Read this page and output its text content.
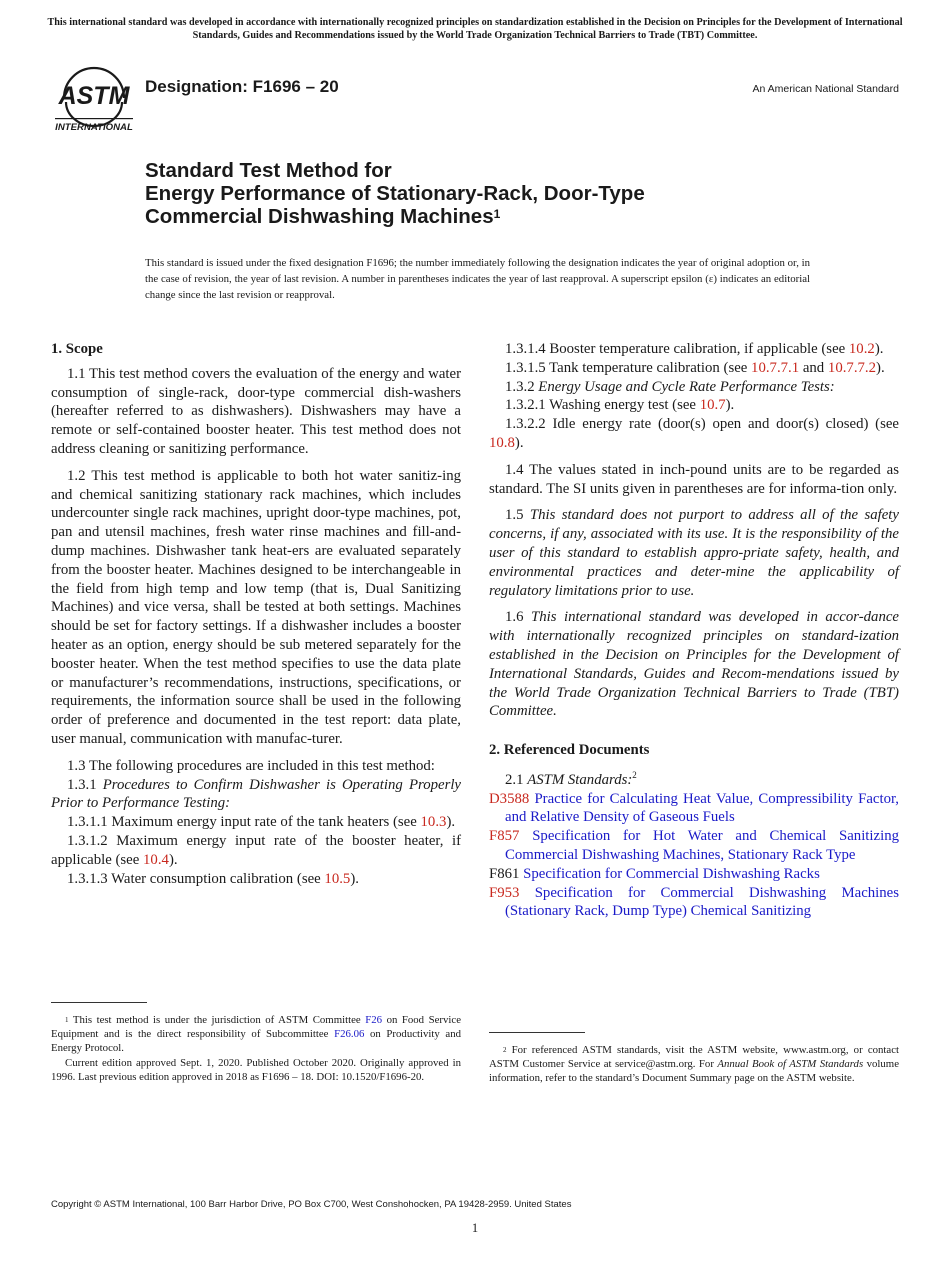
This international standard was developed in accordance with internationally recognized principles on standardization established in the Decision on Principles for the Development of International Standards, Guides and Recommendations issued by the World Trade Organization Technical Barriers to Trade (TBT) Committee.
ASTM
INTERNATIONAL
Designation: F1696 – 20	An American National Standard
Standard Test Method for
Energy Performance of Stationary-Rack, Door-Type
Commercial Dishwashing Machines$^1$
This standard is issued under the fixed designation F1696; the number immediately following the designation indicates the year of original adoption or, in the case of revision, the year of last revision. A number in parentheses indicates the year of last reapproval. A superscript epsilon (ε) indicates an editorial change since the last revision or reapproval.
1. Scope

1.1 This test method covers the evaluation of the energy and water consumption of single-rack, door-type commercial dish-washers (hereafter referred to as dishwashers). Dishwashers may have a remote or self-contained booster heater. This test method does not address cleaning or sanitizing performance.

1.2 This test method is applicable to both hot water sanitiz-ing and chemical sanitizing stationary rack machines, which includes undercounter single rack machines, upright door-type machines, pot, pan and utensil machines, fresh water rinse machines and fill-and-dump machines. Dishwasher tank heat-ers are evaluated separately from the booster heater. Machines designed to be interchangeable in the field from high temp and low temp (that is, Dual Sanitizing Machines) and vice versa, shall be tested at both settings. Machines should be set for factory settings. If a dishwasher includes a booster heater as an option, energy should be sub metered separately for the booster heater. When the test method specifies to use the data plate or manufacturer’s recommendations, instructions, specifications, or requirements, the information source shall be used in the following order of preference and documented in the test report: data plate, user manual, communication with manufac-turer.

1.3 The following procedures are included in this test method:

1.3.1 Procedures to Confirm Dishwasher is Operating Properly Prior to Performance Testing:

1.3.1.1 Maximum energy input rate of the tank heaters (see 10.3).

1.3.1.2 Maximum energy input rate of the booster heater, if applicable (see 10.4).

1.3.1.3 Water consumption calibration (see 10.5).

1.3.1.4 Booster temperature calibration, if applicable (see 10.2).

1.3.1.5 Tank temperature calibration (see 10.7.7.1 and 10.7.7.2).

1.3.2 Energy Usage and Cycle Rate Performance Tests:

1.3.2.1 Washing energy test (see 10.7).

1.3.2.2 Idle energy rate (door(s) open and door(s) closed) (see 10.8).

1.4 The values stated in inch-pound units are to be regarded as standard. The SI units given in parentheses are for informa-tion only.

1.5 This standard does not purport to address all of the safety concerns, if any, associated with its use. It is the responsibility of the user of this standard to establish appro-priate safety, health, and environmental practices and deter-mine the applicability of regulatory limitations prior to use.

1.6 This international standard was developed in accor-dance with internationally recognized principles on standard-ization established in the Decision on Principles for the Development of International Standards, Guides and Recom-mendations issued by the World Trade Organization Technical Barriers to Trade (TBT) Committee.

2. Referenced Documents

2.1 ASTM Standards:$^2$

D3588 Practice for Calculating Heat Value, Compressibility Factor, and Relative Density of Gaseous Fuels

F857 Specification for Hot Water and Chemical Sanitizing Commercial Dishwashing Machines, Stationary Rack Type

F861 Specification for Commercial Dishwashing Racks

F953 Specification for Commercial Dishwashing Machines (Stationary Rack, Dump Type) Chemical Sanitizing

$^1$ This test method is under the jurisdiction of ASTM Committee F26 on Food Service Equipment and is the direct responsibility of Subcommittee F26.06 on Productivity and Energy Protocol.

Current edition approved Sept. 1, 2020. Published October 2020. Originally approved in 1996. Last previous edition approved in 2018 as F1696 – 18. DOI: 10.1520/F1696-20.

$^2$ For referenced ASTM standards, visit the ASTM website, www.astm.org, or contact ASTM Customer Service at service@astm.org. For Annual Book of ASTM Standards volume information, refer to the standard’s Document Summary page on the ASTM website.

Copyright © ASTM International, 100 Barr Harbor Drive, PO Box C700, West Conshohocken, PA 19428-2959. United States
1
